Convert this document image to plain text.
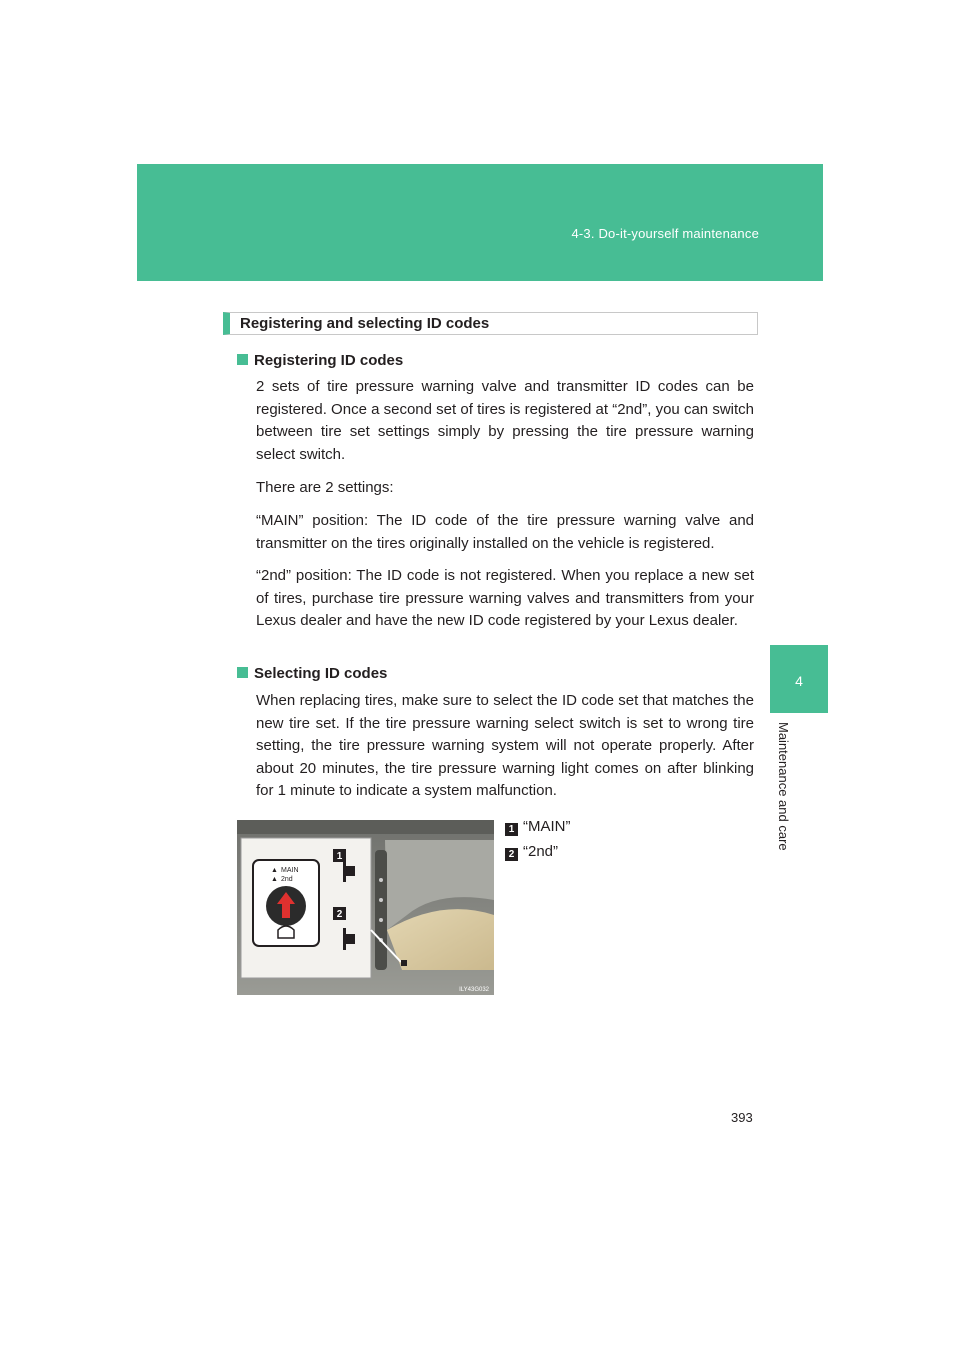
4-3. Do-it-yourself maintenance
4
Maintenance and care
Registering and selecting ID codes
Registering ID codes
2 sets of tire pressure warning valve and transmitter ID codes can be registered. Once a second set of tires is registered at “2nd”, you can switch between tire set settings simply by pressing the tire pressure warning select switch.
There are 2 settings:
“MAIN” position: The ID code of the tire pressure warning valve and transmitter on the tires originally installed on the vehicle is registered.
“2nd” position: The ID code is not registered. When you replace a new set of tires, purchase tire pressure warning valves and transmitters from your Lexus dealer and have the new ID code registered by your Lexus dealer.
Selecting ID codes
When replacing tires, make sure to select the ID code set that matches the new tire set. If the tire pressure warning select switch is set to wrong tire setting, the tire pressure warning system will not operate properly. After about 20 minutes, the tire pressure warning light comes on after blinking for 1 minute to indicate a system malfunction.
▲
▲
MAIN
2nd
1
2
ILY43G032
1 “MAIN”
2 “2nd”
393
